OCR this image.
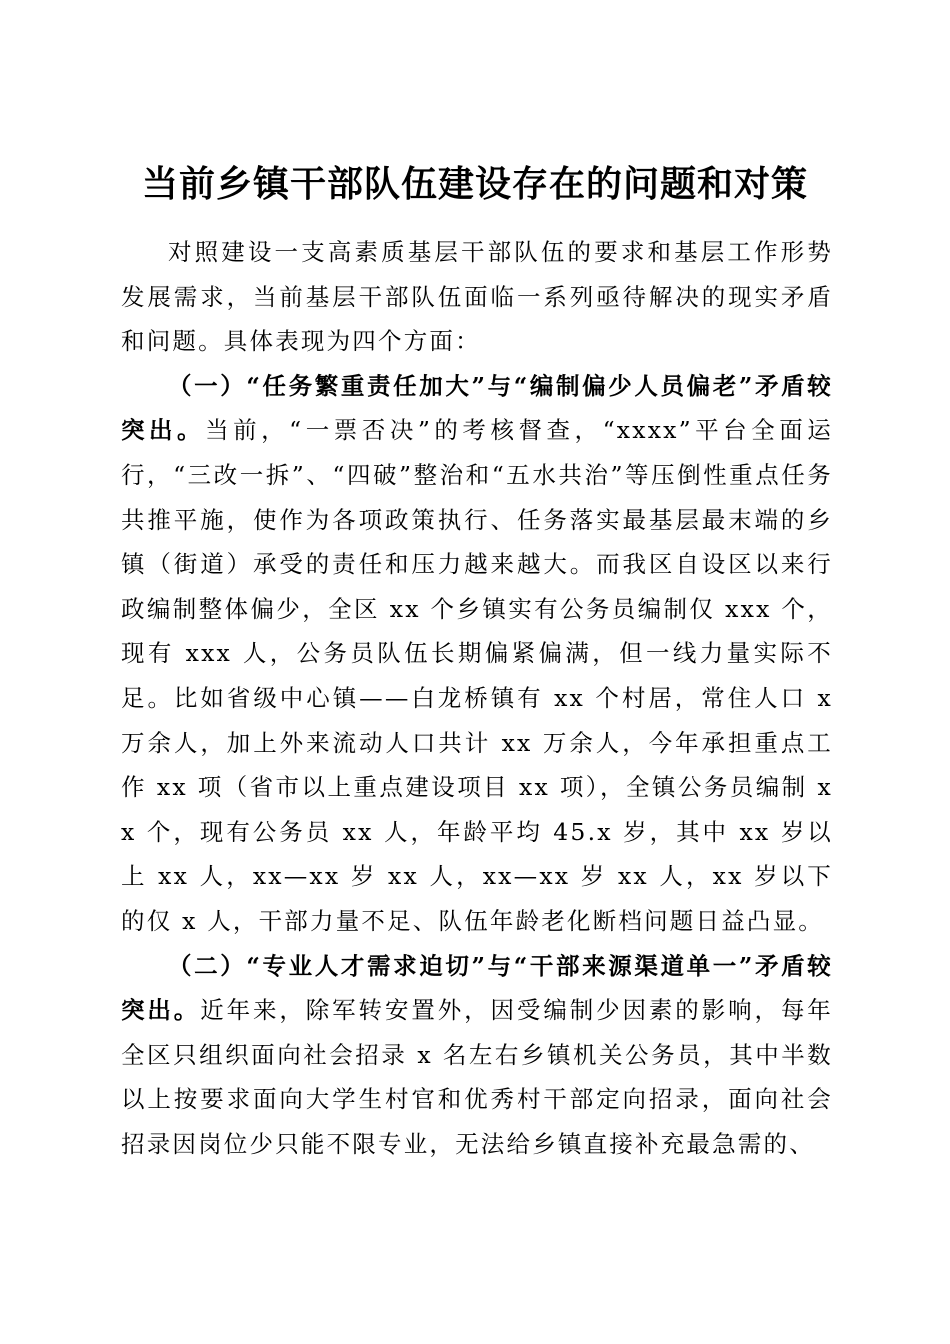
当前乡镇干部队伍建设存在的问题和对策

对照建设一支高素质基层干部队伍的要求和基层工作形势发展需求，当前基层干部队伍面临一系列亟待解决的现实矛盾和问题。具体表现为四个方面：

（一）“任务繁重责任加大”与“编制偏少人员偏老”矛盾较突出。当前，“一票否决”的考核督查，“xxxx”平台全面运行，“三改一拆”、“四破”整治和“五水共治”等压倒性重点任务共推平施，使作为各项政策执行、任务落实最基层最末端的乡镇（街道）承受的责任和压力越来越大。而我区自设区以来行政编制整体偏少，全区 xx 个乡镇实有公务员编制仅 xxx 个，现有 xxx 人，公务员队伍长期偏紧偏满，但一线力量实际不足。比如省级中心镇——白龙桥镇有 xx 个村居，常住人口 x 万余人，加上外来流动人口共计 xx 万余人，今年承担重点工作 xx 项（省市以上重点建设项目 xx 项），全镇公务员编制 xx 个，现有公务员 xx 人，年龄平均 45.x 岁，其中 xx 岁以上 xx 人，xx—xx 岁 xx 人，xx—xx 岁 xx 人，xx 岁以下的仅 x 人，干部力量不足、队伍年龄老化断档问题日益凸显。

（二）“专业人才需求迫切”与“干部来源渠道单一”矛盾较突出。近年来，除军转安置外，因受编制少因素的影响，每年全区只组织面向社会招录 x 名左右乡镇机关公务员，其中半数以上按要求面向大学生村官和优秀村干部定向招录，面向社会招录因岗位少只能不限专业，无法给乡镇直接补充最急需的、
